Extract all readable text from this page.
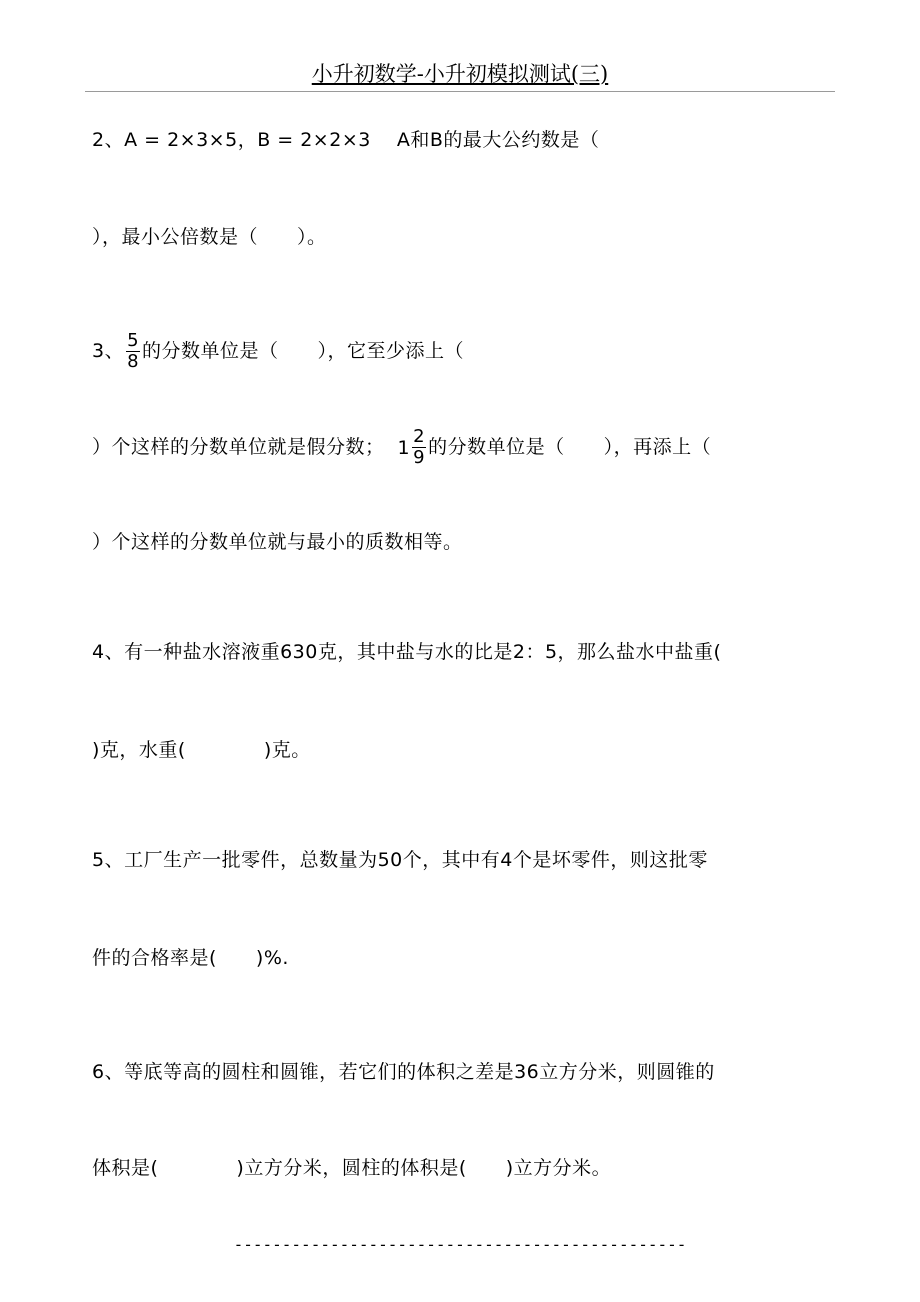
小升初数学-小升初模拟测试(三)
2、A = 2×3×5，B = 2×2×3　 A和B的最大公约数是（
），最小公倍数是（　　）。
3、 $\frac{5}{8}$ 的分数单位是（　　），它至少添上（
）个这样的分数单位就是假分数；　$1 \frac{2}{9}$ 的分数单位是（　　），再添上（
）个这样的分数单位就与最小的质数相等。
4、有一种盐水溶液重630克，其中盐与水的比是2：5，那么盐水中盐重(
)克，水重(　　　　)克。
5、工厂生产一批零件，总数量为50个，其中有4个是坏零件，则这批零
件的合格率是(　　)%.
6、等底等高的圆柱和圆锥，若它们的体积之差是36立方分米，则圆锥的
体积是(　　　　)立方分米，圆柱的体积是(　　)立方分米。
-----------------------------------------------
